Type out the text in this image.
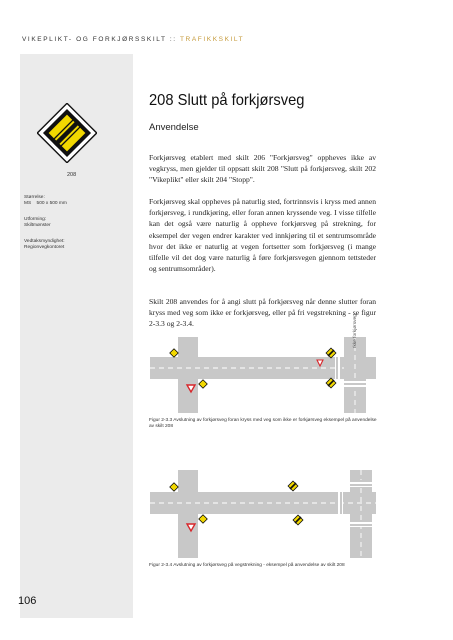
VIKEPLIKT- OG FORKJØRSSKILT :: TRAFIKKSKILT
208
Størrelse:
MS    500 x 500 mm
Utforming:
Skiltmønster
Vedtaksmyndighet:
Regionvegkontoret
208 Slutt på forkjørsveg
Anvendelse
Forkjørsveg etablert med skilt 206 "Forkjørsveg" oppheves ikke av vegkryss, men gjelder til oppsatt skilt 208 "Slutt på forkjørsveg, skilt 202 "Vikeplikt" eller skilt 204 "Stopp".
Forkjørsveg skal oppheves på naturlig sted, fortrinnsvis i kryss med annen forkjørsveg, i rundkjøring, eller foran annen kryssende veg. I visse tilfelle kan det også være naturlig å oppheve forkjørsveg på strekning, for eksempel der vegen endrer karakter ved innkjøring til et sentrumsområde hvor det ikke er naturlig at vegen fortsetter som forkjørsveg (i mange tilfelle vil det dog være naturlig å føre forkjørsvegen gjennom tettsteder og sentrumsområder).
Skilt 208 anvendes for å angi slutt på forkjørsveg når denne slutter foran kryss med veg som ikke er forkjørsveg, eller på fri vegstrekning - se figur 2-3.3 og 2-3.4.	Ikke forkjørsveg
Figur 2-3.3 Avslutning av forkjørsveg foran kryss med veg som ikke er forkjørsveg eksempel på anvendelse av skilt 208
Figur 2-3.4 Avslutning av forkjørsveg på vegstrekning - eksempel på anvendelse av skilt 208
106
